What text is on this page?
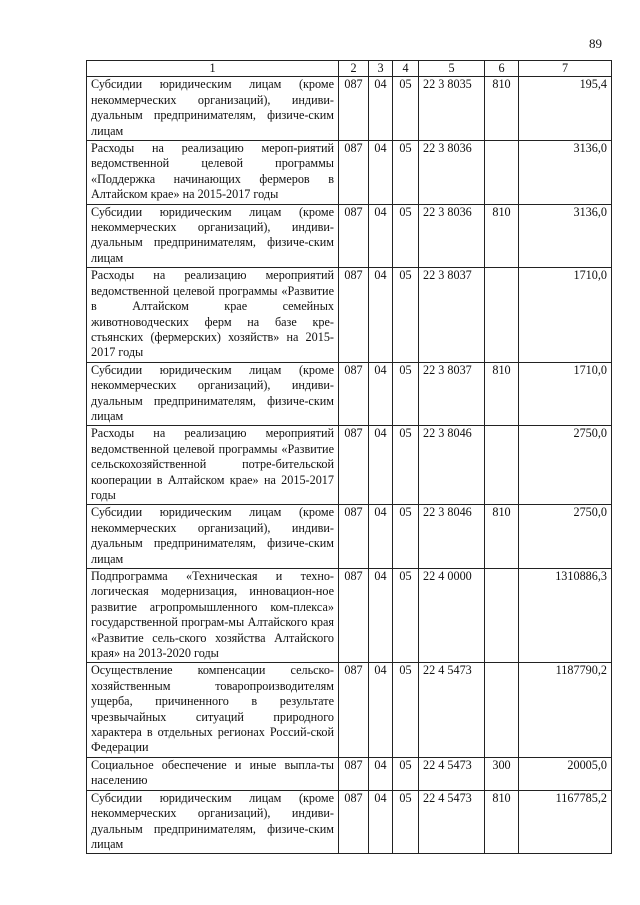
89
1	2	3	4	5	6	7
Субсидии юридическим лицам (кроме некоммерческих организаций), индиви-дуальным предпринимателям, физиче-ским лицам	087	04	05	22 3 8035	810	195,4
Расходы на реализацию мероп-риятий ведомственной целевой программы «Поддержка начинающих фермеров в Алтайском крае» на 2015-2017 годы	087	04	05	22 3 8036		3136,0
Субсидии юридическим лицам (кроме некоммерческих организаций), индиви-дуальным предпринимателям, физиче-ским лицам	087	04	05	22 3 8036	810	3136,0
Расходы на реализацию мероприятий ведомственной целевой программы «Развитие в Алтайском крае семейных животноводческих ферм на базе кре-стьянских (фермерских) хозяйств» на 2015-2017 годы	087	04	05	22 3 8037		1710,0
Субсидии юридическим лицам (кроме некоммерческих организаций), индиви-дуальным предпринимателям, физиче-ским лицам	087	04	05	22 3 8037	810	1710,0
Расходы на реализацию мероприятий ведомственной целевой программы «Развитие сельскохозяйственной потре-бительской кооперации в Алтайском крае» на 2015-2017 годы	087	04	05	22 3 8046		2750,0
Субсидии юридическим лицам (кроме некоммерческих организаций), индиви-дуальным предпринимателям, физиче-ским лицам	087	04	05	22 3 8046	810	2750,0
Подпрограмма «Техническая и техно-логическая модернизация, инновацион-ное развитие агропромышленного ком-плекса» государственной програм-мы Алтайского края «Развитие сель-ского хозяйства Алтайского края» на 2013-2020 годы	087	04	05	22 4 0000		1310886,3
Осуществление компенсации сельско-хозяйственным товаропроизводителям ущерба, причиненного в результате чрезвычайных ситуаций природного характера в отдельных регионах Россий-ской Федерации	087	04	05	22 4 5473		1187790,2
Социальное обеспечение и иные выпла-ты населению	087	04	05	22 4 5473	300	20005,0
Субсидии юридическим лицам (кроме некоммерческих организаций), индиви-дуальным предпринимателям, физиче-ским лицам	087	04	05	22 4 5473	810	1167785,2
